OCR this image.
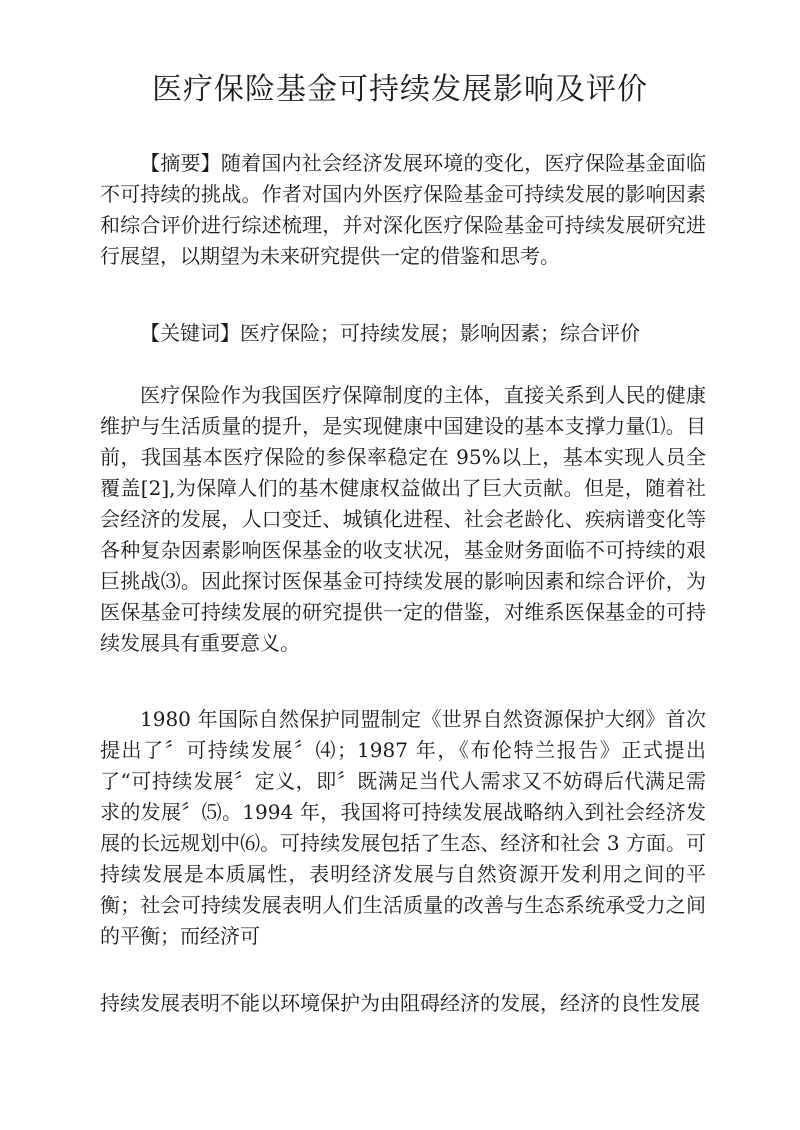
医疗保险基金可持续发展影响及评价

【摘要】随着国内社会经济发展环境的变化，医疗保险基金面临不可持续的挑战。作者对国内外医疗保险基金可持续发展的影响因素和综合评价进行综述梳理，并对深化医疗保险基金可持续发展研究进行展望，以期望为未来研究提供一定的借鉴和思考。

【关键词】医疗保险；可持续发展；影响因素；综合评价

医疗保险作为我国医疗保障制度的主体，直接关系到人民的健康维护与生活质量的提升，是实现健康中国建设的基本支撑力量⑴。目前，我国基本医疗保险的参保率稳定在 95%以上，基本实现人员全覆盖[2],为保障人们的基木健康权益做出了巨大贡献。但是，随着社会经济的发展，人口变迁、城镇化进程、社会老龄化、疾病谱变化等各种复杂因素影响医保基金的收支状况，基金财务面临不可持续的艰巨挑战⑶。因此探讨医保基金可持续发展的影响因素和综合评价，为医保基金可持续发展的研究提供一定的借鉴，对维系医保基金的可持续发展具有重要意义。

1980 年国际自然保护同盟制定《世界自然资源保护大纲》首次提出了〞可持续发展〞⑷；1987 年，《布伦特兰报告》正式提出了“可持续发展〞定义，即〞既满足当代人需求又不妨碍后代满足需求的发展〞⑸。1994 年，我国将可持续发展战略纳入到社会经济发展的长远规划中⑹。可持续发展包括了生态、经济和社会 3 方面。可持续发展是本质属性，表明经济发展与自然资源开发利用之间的平衡；社会可持续发展表明人们生活质量的改善与生态系统承受力之间的平衡；而经济可

持续发展表明不能以环境保护为由阻碍经济的发展，经济的良性发展
